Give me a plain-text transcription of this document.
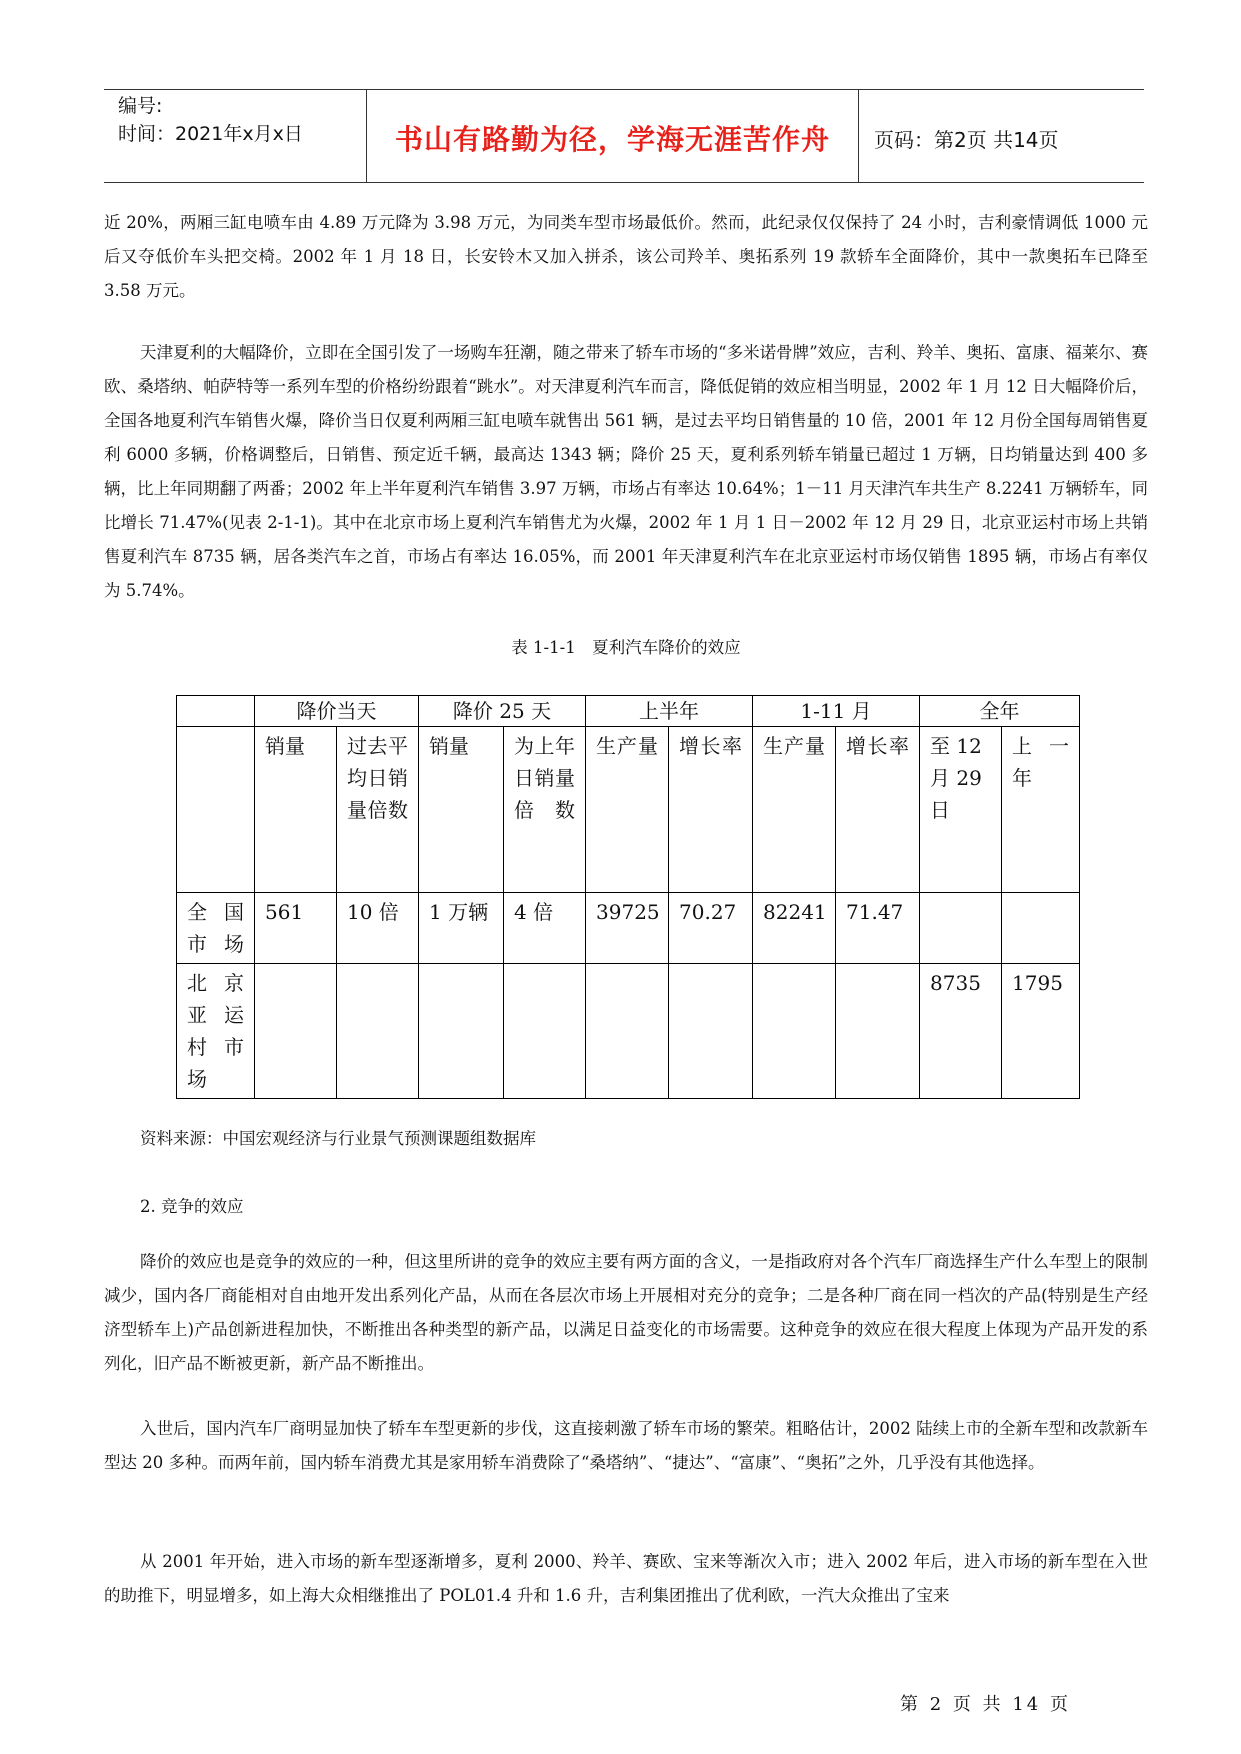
编号:
时间：2021年x月x日	书山有路勤为径，学海无涯苦作舟	页码：第2页 共14页

近 20%，两厢三缸电喷车由 4.89 万元降为 3.98 万元，为同类车型市场最低价。然而，此纪录仅仅保持了 24 小时，吉利豪情调低 1000 元后又夺低价车头把交椅。2002 年 1 月 18 日，长安铃木又加入拼杀，该公司羚羊、奥拓系列 19 款轿车全面降价，其中一款奥拓车已降至 3.58 万元。

天津夏利的大幅降价，立即在全国引发了一场购车狂潮，随之带来了轿车市场的“多米诺骨牌”效应，吉利、羚羊、奥拓、富康、福莱尔、赛欧、桑塔纳、帕萨特等一系列车型的价格纷纷跟着“跳水”。对天津夏利汽车而言，降低促销的效应相当明显，2002 年 1 月 12 日大幅降价后，全国各地夏利汽车销售火爆，降价当日仅夏利两厢三缸电喷车就售出 561 辆，是过去平均日销售量的 10 倍，2001 年 12 月份全国每周销售夏利 6000 多辆，价格调整后，日销售、预定近千辆，最高达 1343 辆；降价 25 天，夏利系列轿车销量已超过 1 万辆，日均销量达到 400 多辆，比上年同期翻了两番；2002 年上半年夏利汽车销售 3.97 万辆，市场占有率达 10.64%；1－11 月天津汽车共生产 8.2241 万辆轿车，同比增长 71.47%(见表 2-1-1)。其中在北京市场上夏利汽车销售尤为火爆，2002 年 1 月 1 日－2002 年 12 月 29 日，北京亚运村市场上共销售夏利汽车 8735 辆，居各类汽车之首，市场占有率达 16.05%，而 2001 年天津夏利汽车在北京亚运村市场仅销售 1895 辆，市场占有率仅为 5.74%。

表 1-1-1　夏利汽车降价的效应
	降价当天		降价 25 天		上半年		1-11 月		全年	
	销量	过去平均日销量倍数	销量	为上年日销量倍数	生产量	增长率	生产量	增长率	至 12 月 29 日	上一年
全国市场	561	10 倍	1 万辆	4 倍	39725	70.27	82241	71.47		
北京亚运村市场									8735	1795
资料来源：中国宏观经济与行业景气预测课题组数据库
2. 竞争的效应

降价的效应也是竞争的效应的一种，但这里所讲的竞争的效应主要有两方面的含义，一是指政府对各个汽车厂商选择生产什么车型上的限制减少，国内各厂商能相对自由地开发出系列化产品，从而在各层次市场上开展相对充分的竞争；二是各种厂商在同一档次的产品(特别是生产经济型轿车上)产品创新进程加快，不断推出各种类型的新产品，以满足日益变化的市场需要。这种竞争的效应在很大程度上体现为产品开发的系列化，旧产品不断被更新，新产品不断推出。

入世后，国内汽车厂商明显加快了轿车车型更新的步伐，这直接刺激了轿车市场的繁荣。粗略估计，2002 陆续上市的全新车型和改款新车型达 20 多种。而两年前，国内轿车消费尤其是家用轿车消费除了“桑塔纳”、“捷达”、“富康”、“奥拓”之外，几乎没有其他选择。

从 2001 年开始，进入市场的新车型逐渐增多，夏利 2000、羚羊、赛欧、宝来等渐次入市；进入 2002 年后，进入市场的新车型在入世的助推下，明显增多，如上海大众相继推出了 POL01.4 升和 1.6 升，吉利集团推出了优利欧，一汽大众推出了宝来

第 2 页 共 14 页
